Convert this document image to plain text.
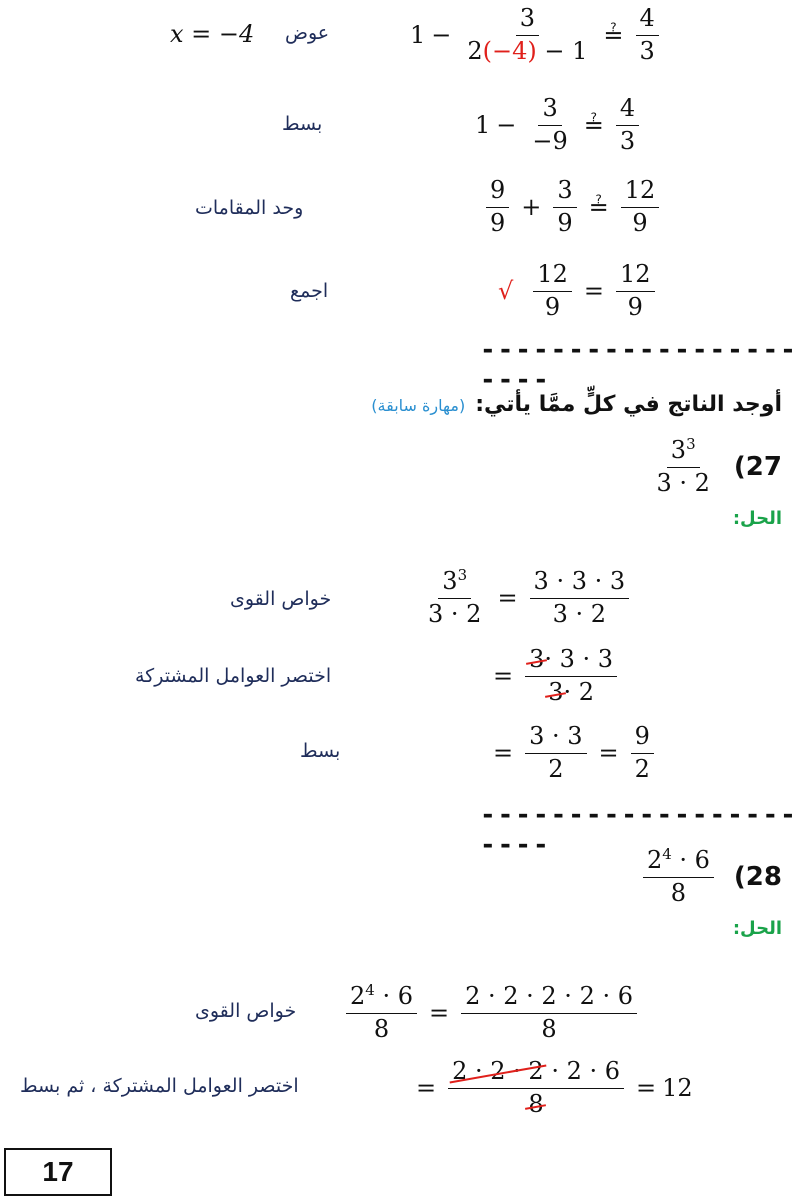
x = −4 عوض	$1 - \frac{3}{2(-4) - 1}$ ≟ $\frac{4}{3}$
بسط	$1 - \frac{3}{-9}$ ≟ $\frac{4}{3}$
وحد المقامات	$\frac{9}{9} + \frac{3}{9}$ ≟ $\frac{12}{9}$
اجمع	√ $\frac{12}{9} = \frac{12}{9}$
----------------------
أوجد الناتج في كلٍّ ممَّا يأتي:
(مهارة سابقة)
$\frac{3^3}{3 \cdot 2} (27$
الحل:
خواص القوى	$\frac{3^3}{3 \cdot 2} = \frac{3 \cdot 3 \cdot 3}{3 \cdot 2}$
اختصر العوامل المشتركة	= $\frac{3\cdot 3 \cdot 3}{3\cdot 2}$
بسط	= $\frac{3 \cdot 3}{2} = \frac{9}{2}$
----------------------
$\frac{2^4 \cdot 6}{8} (28$
الحل:
خواص القوى $\frac{2^4 \cdot 6}{8} = \frac{2 \cdot 2 \cdot 2 \cdot 2 \cdot 6}{8}$
اختصر العوامل المشتركة ، ثم بسط	= $\frac{2 \cdot 2 \cdot 2 \cdot 2 \cdot 6}{8} = 12$
17
